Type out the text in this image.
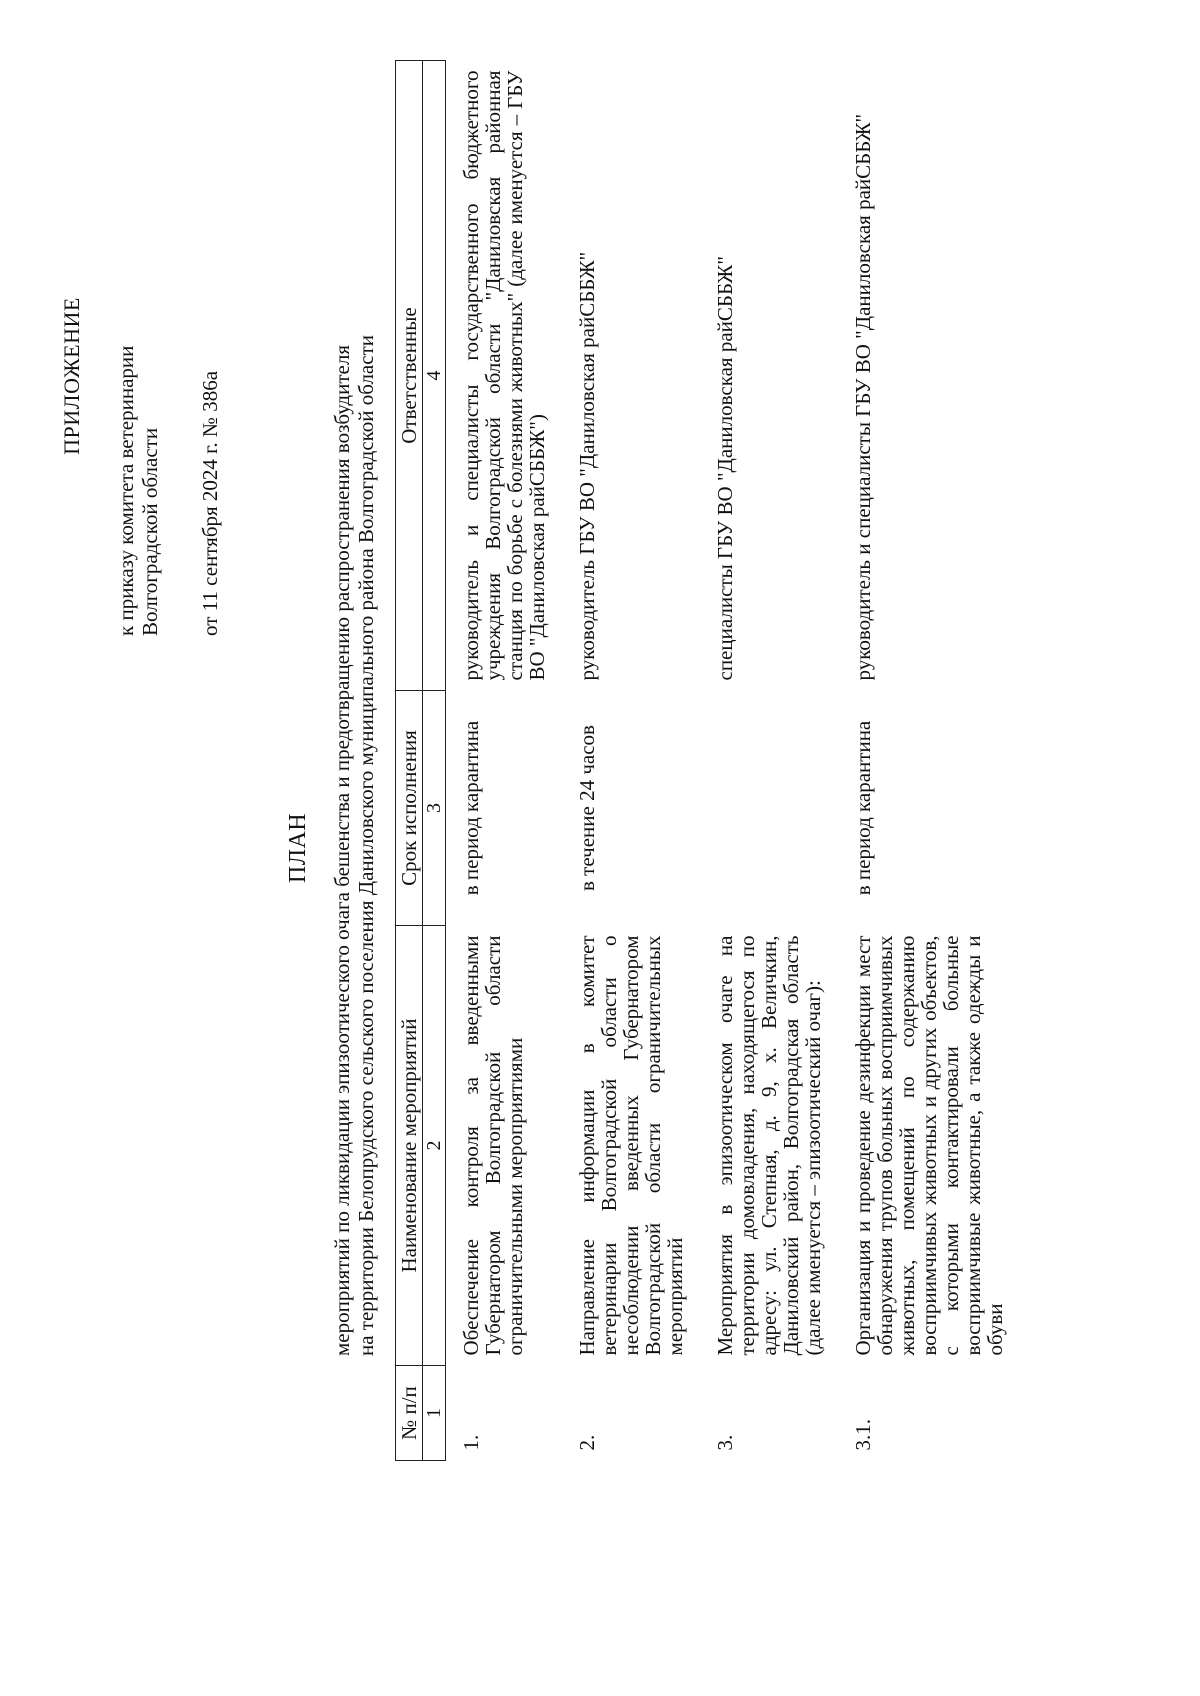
ПРИЛОЖЕНИЕ к приказу комитета ветеринарии Волгоградской области от 11 сентября 2024 г. № 386а
ПЛАН мероприятий по ликвидации эпизоотического очага бешенства и предотвращению распространения возбудителя на территории Белопрудского сельского поселения Даниловского муниципального района Волгоградской области
№ п/п	Наименование мероприятий	Срок исполнения	Ответственные
1	2	3	4
1.	Обеспечение контроля за введенными Губернатором Волгоградской области ограничительными мероприятиями	в период карантина	руководитель и специалисты государственного бюджетного учреждения Волгоградской области "Даниловская районная станция по борьбе с болезнями животных" (далее именуется – ГБУ ВО "Даниловская райСББЖ")
2.	Направление информации в комитет ветеринарии Волгоградской области о несоблюдении введенных Губернатором Волгоградской области ограничительных мероприятий	в течение 24 часов	руководитель ГБУ ВО "Даниловская райСББЖ"
3.	Мероприятия в эпизоотическом очаге на территории домовладения, находящегося по адресу: ул. Степная, д. 9, х. Величкин, Даниловский район, Волгоградская область (далее именуется – эпизоотический очаг):		специалисты ГБУ ВО "Даниловская райСББЖ"
3.1.	Организация и проведение дезинфекции мест обнаружения трупов больных восприимчивых животных, помещений по содержанию восприимчивых животных и других объектов, с которыми контактировали больные восприимчивые животные, а также одежды и обуви	в период карантина	руководитель и специалисты ГБУ ВО "Даниловская райСББЖ"
